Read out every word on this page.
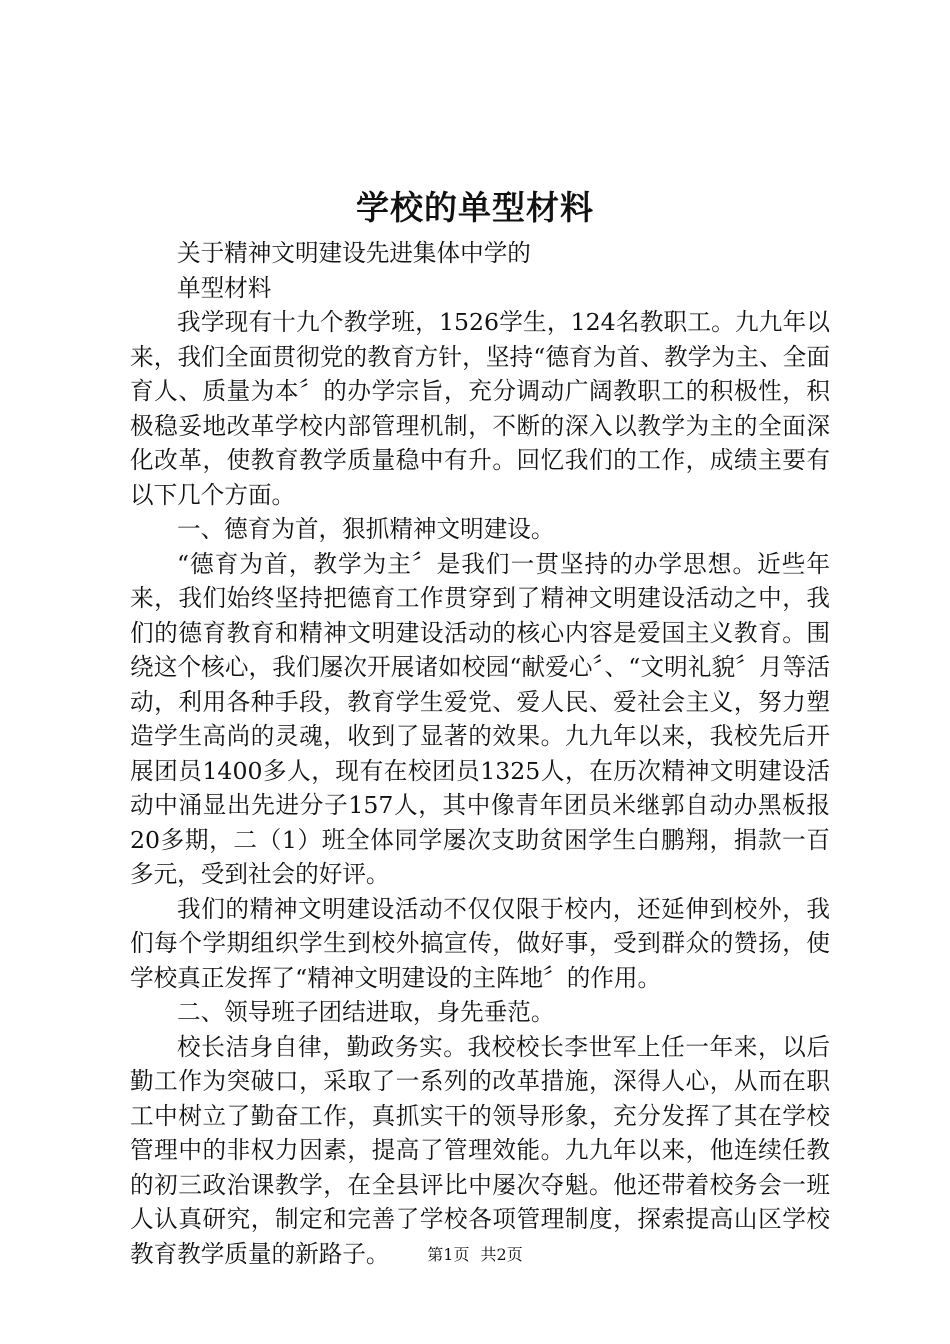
学校的单型材料

关于精神文明建设先进集体中学的

单型材料

我学现有十九个教学班，1526学生，124名教职工。九九年以来，我们全面贯彻党的教育方针，坚持“德育为首、教学为主、全面育人、质量为本〞的办学宗旨，充分调动广阔教职工的积极性，积极稳妥地改革学校内部管理机制，不断的深入以教学为主的全面深化改革，使教育教学质量稳中有升。回忆我们的工作，成绩主要有以下几个方面。

一、德育为首，狠抓精神文明建设。

“德育为首，教学为主〞是我们一贯坚持的办学思想。近些年来，我们始终坚持把德育工作贯穿到了精神文明建设活动之中，我们的德育教育和精神文明建设活动的核心内容是爱国主义教育。围绕这个核心，我们屡次开展诸如校园“献爱心〞、“文明礼貌〞月等活动，利用各种手段，教育学生爱党、爱人民、爱社会主义，努力塑造学生高尚的灵魂，收到了显著的效果。九九年以来，我校先后开展团员1400多人，现有在校团员1325人，在历次精神文明建设活动中涌显出先进分子157人，其中像青年团员米继郭自动办黑板报20多期，二（1）班全体同学屡次支助贫困学生白鹏翔，捐款一百多元，受到社会的好评。

我们的精神文明建设活动不仅仅限于校内，还延伸到校外，我们每个学期组织学生到校外搞宣传，做好事，受到群众的赞扬，使学校真正发挥了“精神文明建设的主阵地〞的作用。

二、领导班子团结进取，身先垂范。

校长洁身自律，勤政务实。我校校长李世军上任一年来，以后勤工作为突破口，采取了一系列的改革措施，深得人心，从而在职工中树立了勤奋工作，真抓实干的领导形象，充分发挥了其在学校管理中的非权力因素，提高了管理效能。九九年以来，他连续任教的初三政治课教学，在全县评比中屡次夺魁。他还带着校务会一班人认真研究，制定和完善了学校各项管理制度，探索提高山区学校教育教学质量的新路子。	第1页 共2页
